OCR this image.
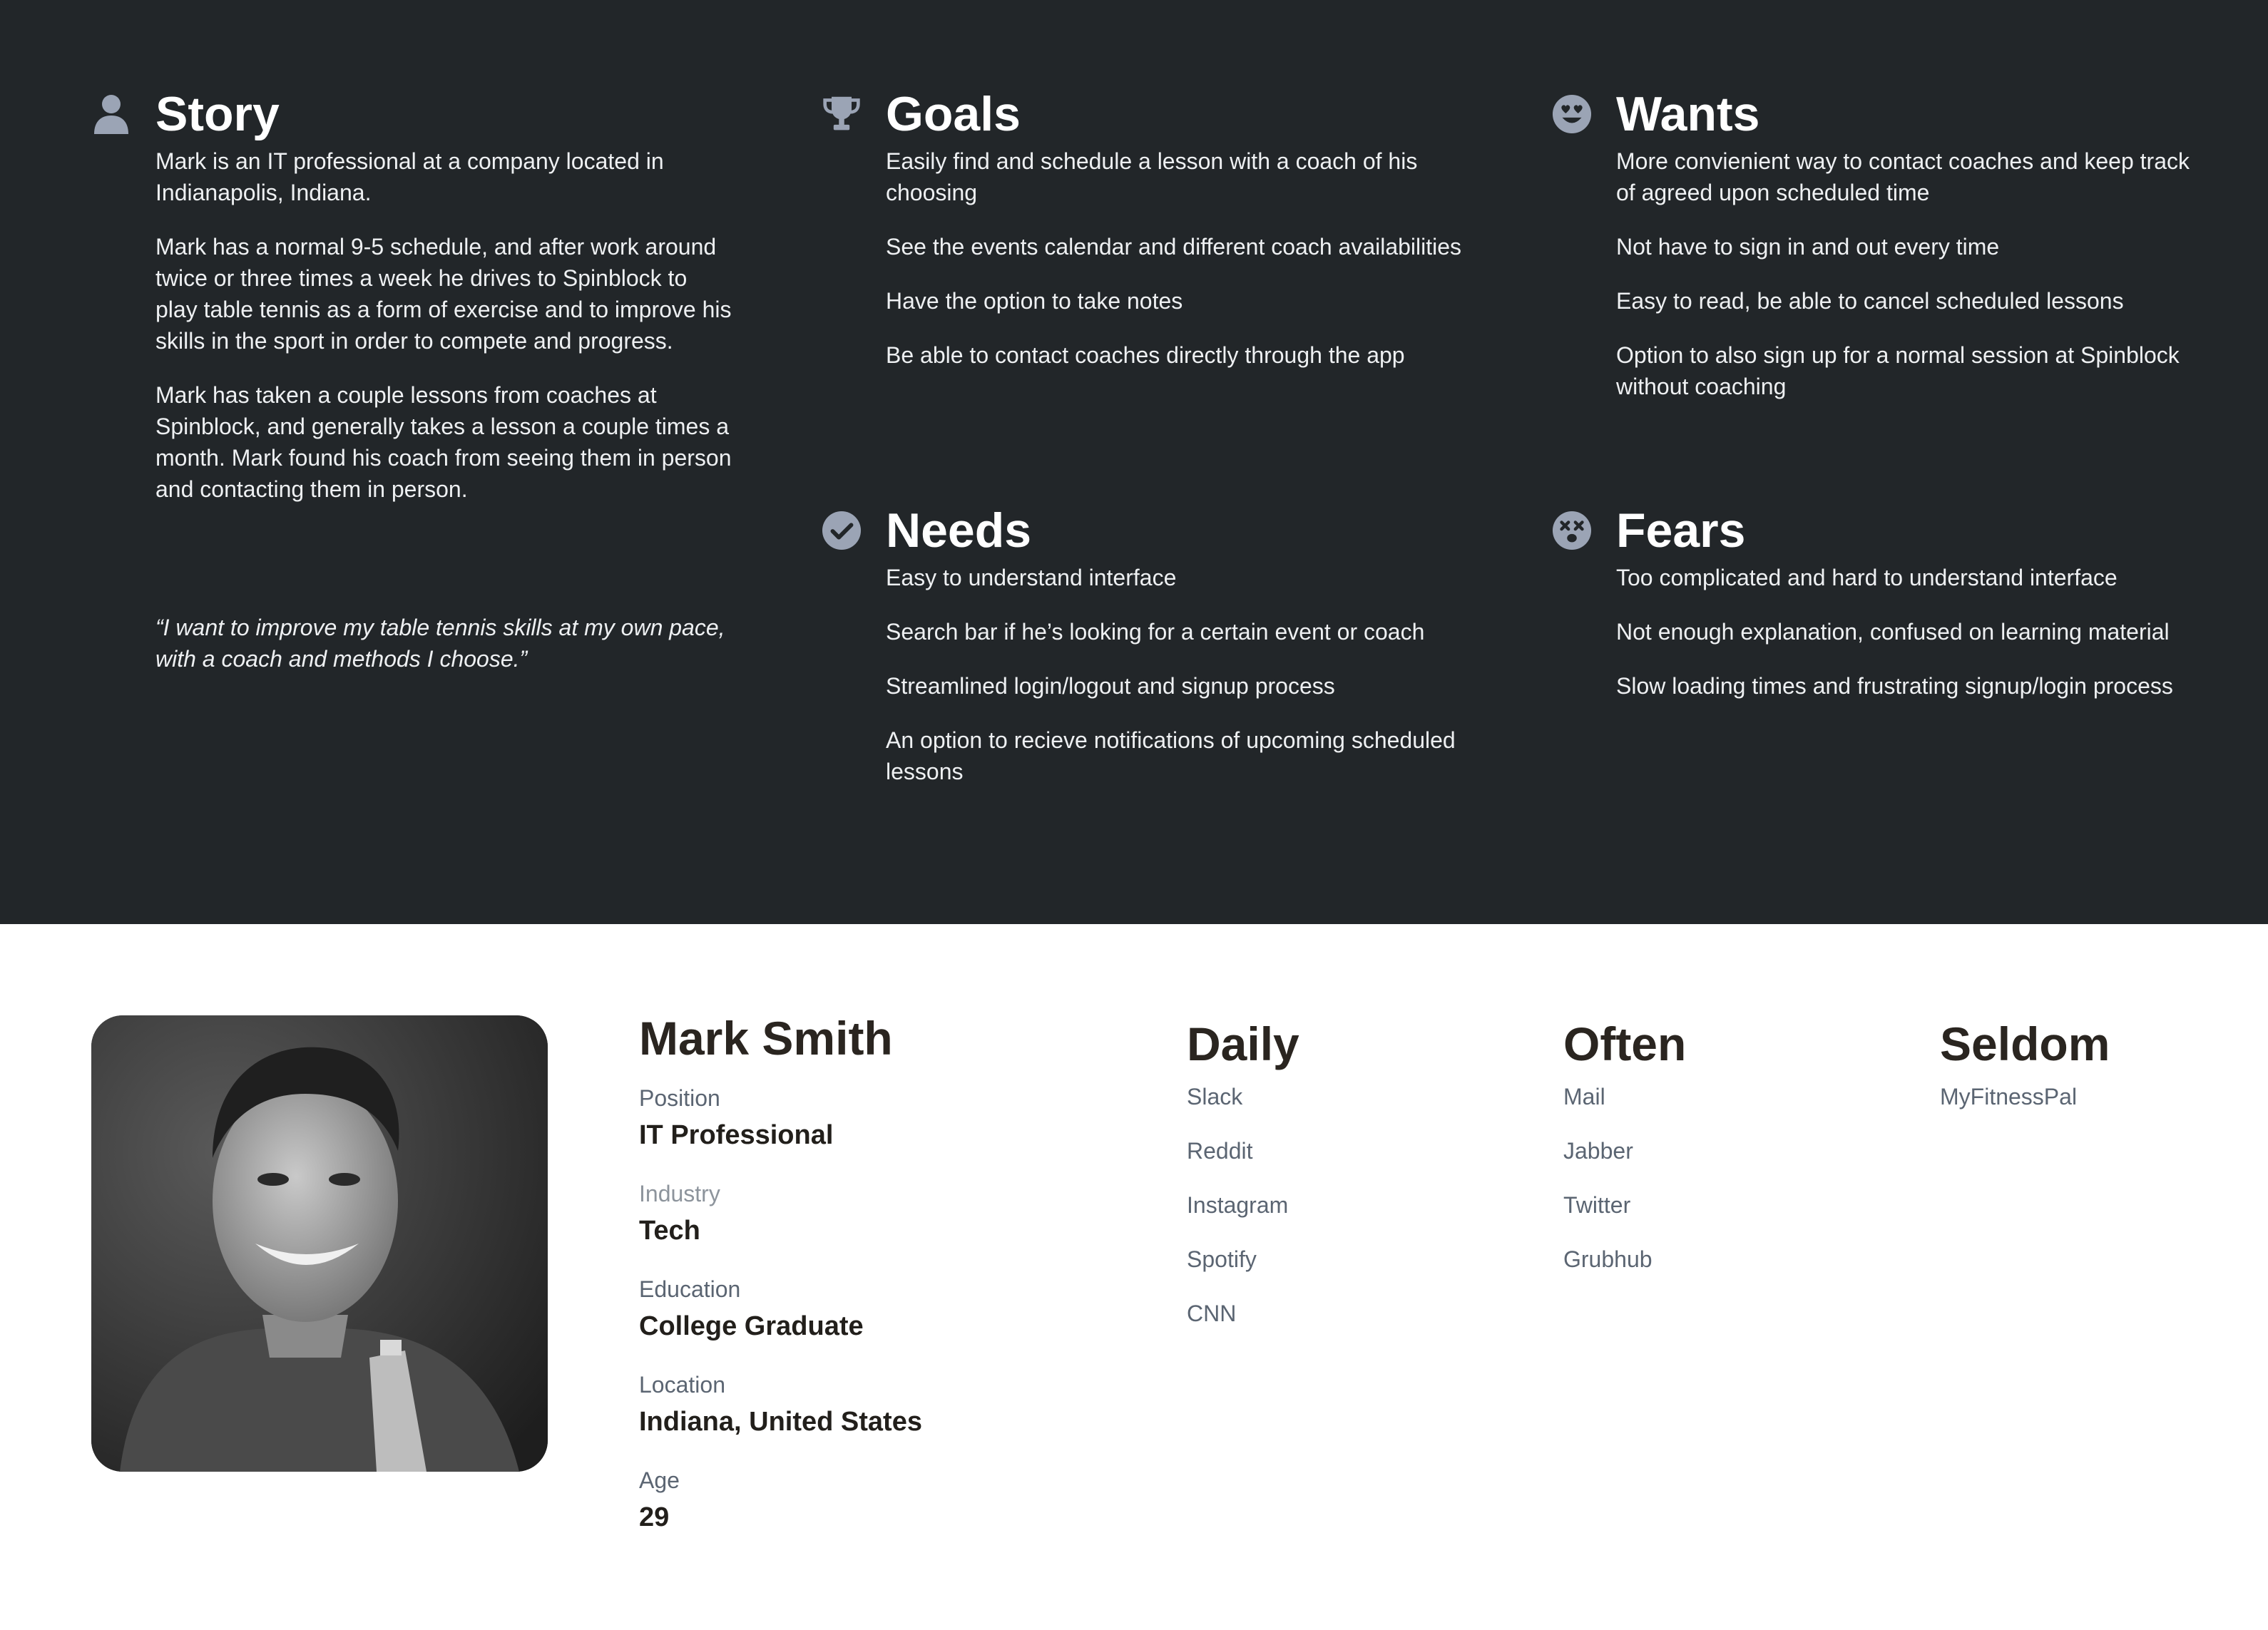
Story

Mark is an IT professional at a company located in Indianapolis, Indiana.

Mark has a normal 9-5 schedule, and after work around twice or three times a week he drives to Spinblock to play table tennis as a form of exercise and to improve his skills in the sport in order to compete and progress.

Mark has taken a couple lessons from coaches at Spinblock, and generally takes a lesson a couple times a month. Mark found his coach from seeing them in person and contacting them in person.

“I want to improve my table tennis skills at my own pace, with a coach and methods I choose.”

Goals

Easily find and schedule a lesson with a coach of his choosing

See the events calendar and different coach availabilities

Have the option to take notes

Be able to contact coaches directly through the app

Wants

More convienient way to contact coaches and keep track of agreed upon scheduled time

Not have to sign in and out every time

Easy to read, be able to cancel scheduled lessons

Option to also sign up for a normal session at Spinblock without coaching

Needs

Easy to understand interface

Search bar if he’s looking for a certain event or coach

Streamlined login/logout and signup process

An option to recieve notifications of upcoming scheduled lessons

Fears

Too complicated and hard to understand interface

Not enough explanation, confused on learning material

Slow loading times and frustrating signup/login process

Mark Smith
Position
IT Professional
Industry
Tech
Education
College Graduate
Location
Indiana, United States
Age
29
Daily
Slack
Reddit
Instagram
Spotify
CNN
Often
Mail
Jabber
Twitter
Grubhub
Seldom
MyFitnessPal
